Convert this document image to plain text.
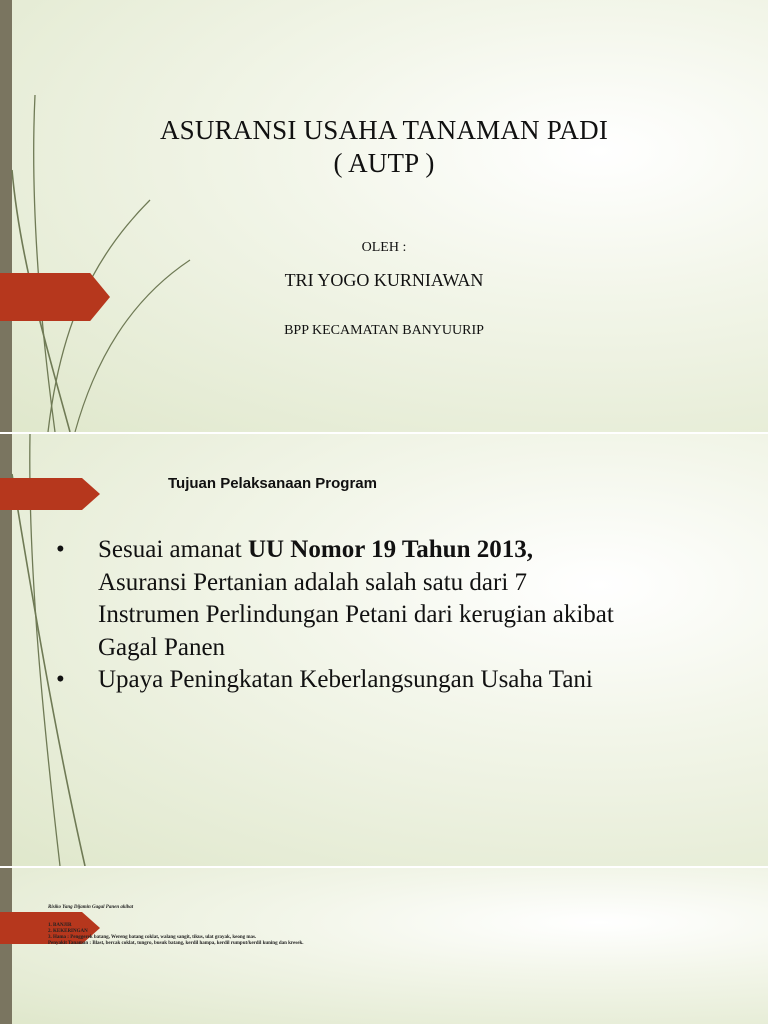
ASURANSI USAHA TANAMAN PADI
( AUTP )
OLEH :
TRI YOGO KURNIAWAN
BPP KECAMATAN BANYUURIP
Tujuan Pelaksanaan Program
• Sesuai amanat UU Nomor 19 Tahun 2013, Asuransi Pertanian adalah salah satu dari 7 Instrumen Perlindungan Petani dari kerugian akibat Gagal Panen
• Upaya Peningkatan Keberlangsungan Usaha Tani
Risiko Yang Dijamin Gagal Panen akibat
1. BANJIR
2. KEKERINGAN
3. Hama : Penggerek batang, Wereng batang coklat, walang sangit, tikus, ulat grayak, keong mas.
Penyakit Tanaman : Blast, bercak coklat, tungro, busuk batang, kerdil hampa, kerdil rumput/kerdil kuning dan kresek.
